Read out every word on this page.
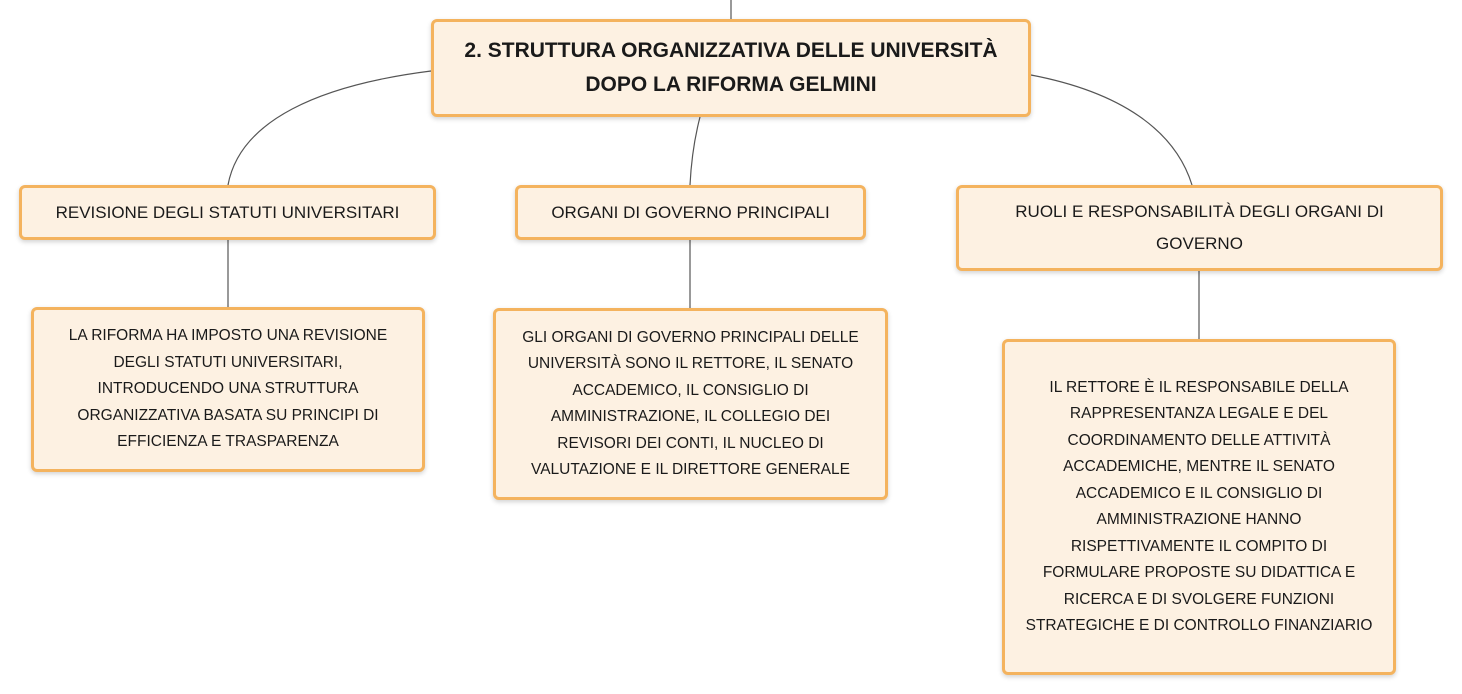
2. STRUTTURA ORGANIZZATIVA DELLE UNIVERSITÀ
DOPO LA RIFORMA GELMINI
REVISIONE DEGLI STATUTI UNIVERSITARI	ORGANI DI GOVERNO PRINCIPALI	RUOLI E RESPONSABILITÀ DEGLI ORGANI DI
GOVERNO
LA RIFORMA HA IMPOSTO UNA REVISIONE
DEGLI STATUTI UNIVERSITARI,
INTRODUCENDO UNA STRUTTURA
ORGANIZZATIVA BASATA SU PRINCIPI DI
EFFICIENZA E TRASPARENZA
GLI ORGANI DI GOVERNO PRINCIPALI DELLE
UNIVERSITÀ SONO IL RETTORE, IL SENATO
ACCADEMICO, IL CONSIGLIO DI
AMMINISTRAZIONE, IL COLLEGIO DEI
REVISORI DEI CONTI, IL NUCLEO DI
VALUTAZIONE E IL DIRETTORE GENERALE
IL RETTORE È IL RESPONSABILE DELLA
RAPPRESENTANZA LEGALE E DEL
COORDINAMENTO DELLE ATTIVITÀ
ACCADEMICHE, MENTRE IL SENATO
ACCADEMICO E IL CONSIGLIO DI
AMMINISTRAZIONE HANNO
RISPETTIVAMENTE IL COMPITO DI
FORMULARE PROPOSTE SU DIDATTICA E
RICERCA E DI SVOLGERE FUNZIONI
STRATEGICHE E DI CONTROLLO FINANZIARIO
